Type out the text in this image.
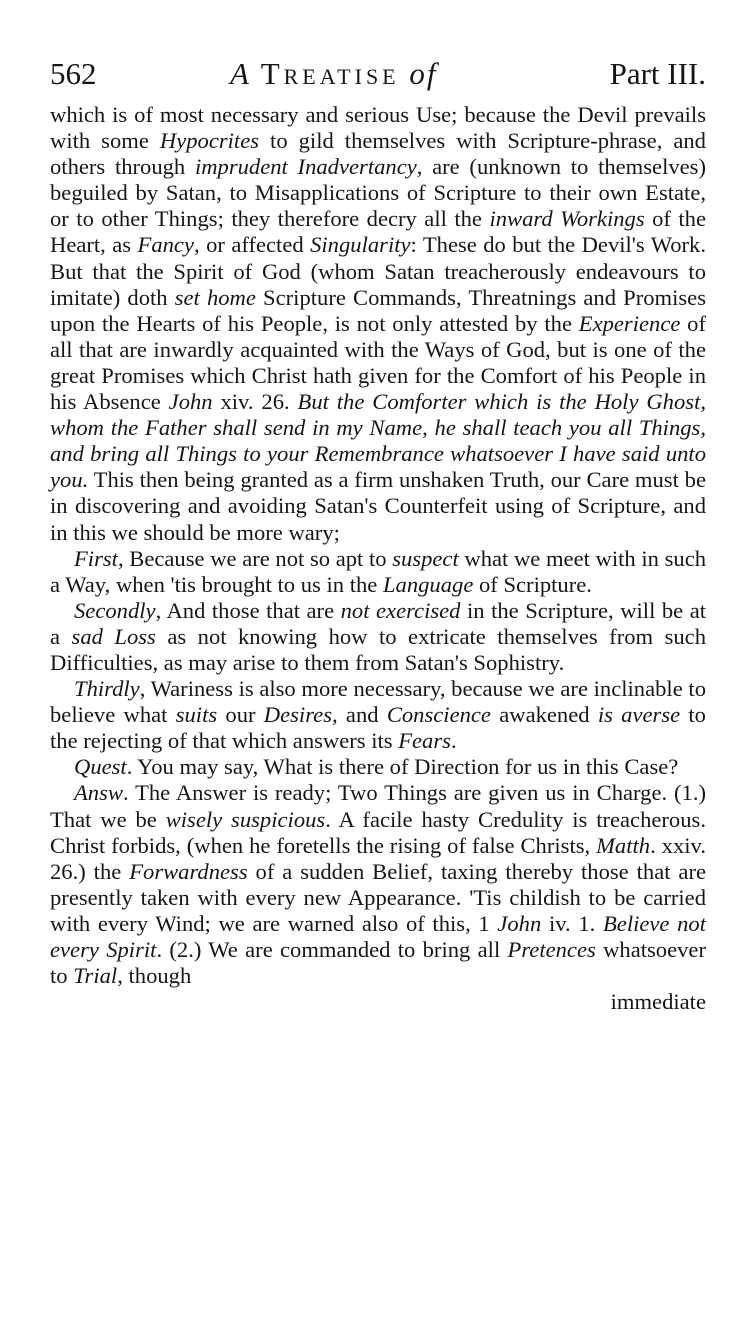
562	A Treatise of	Part III.

which is of most necessary and serious Use; because the Devil prevails with some Hypocrites to gild themselves with Scripture-phrase, and others through imprudent Inadvertancy, are (unknown to themselves) beguiled by Satan, to Misapplications of Scripture to their own Estate, or to other Things; they therefore decry all the inward Workings of the Heart, as Fancy, or affected Singularity: These do but the Devil's Work. But that the Spirit of God (whom Satan treacherously endeavours to imitate) doth set home Scripture Commands, Threatnings and Promises upon the Hearts of his People, is not only attested by the Experience of all that are inwardly acquainted with the Ways of God, but is one of the great Promises which Christ hath given for the Comfort of his People in his Absence John xiv. 26. But the Comforter which is the Holy Ghost, whom the Father shall send in my Name, he shall teach you all Things, and bring all Things to your Remembrance whatsoever I have said unto you. This then being granted as a firm unshaken Truth, our Care must be in discovering and avoiding Satan's Counterfeit using of Scripture, and in this we should be more wary;

First, Because we are not so apt to suspect what we meet with in such a Way, when 'tis brought to us in the Language of Scripture.

Secondly, And those that are not exercised in the Scripture, will be at a sad Loss as not knowing how to extricate themselves from such Difficulties, as may arise to them from Satan's Sophistry.

Thirdly, Wariness is also more necessary, because we are inclinable to believe what suits our Desires, and Conscience awakened is averse to the rejecting of that which answers its Fears.

Quest. You may say, What is there of Direction for us in this Case?

Answ. The Answer is ready; Two Things are given us in Charge. (1.) That we be wisely suspicious. A facile hasty Credulity is treacherous. Christ forbids, (when he foretells the rising of false Christs, Matth. xxiv. 26.) the Forwardness of a sudden Belief, taxing thereby those that are presently taken with every new Appearance. 'Tis childish to be carried with every Wind; we are warned also of this, 1 John iv. 1. Believe not every Spirit. (2.) We are commanded to bring all Pretences whatsoever to Trial, though

immediate
